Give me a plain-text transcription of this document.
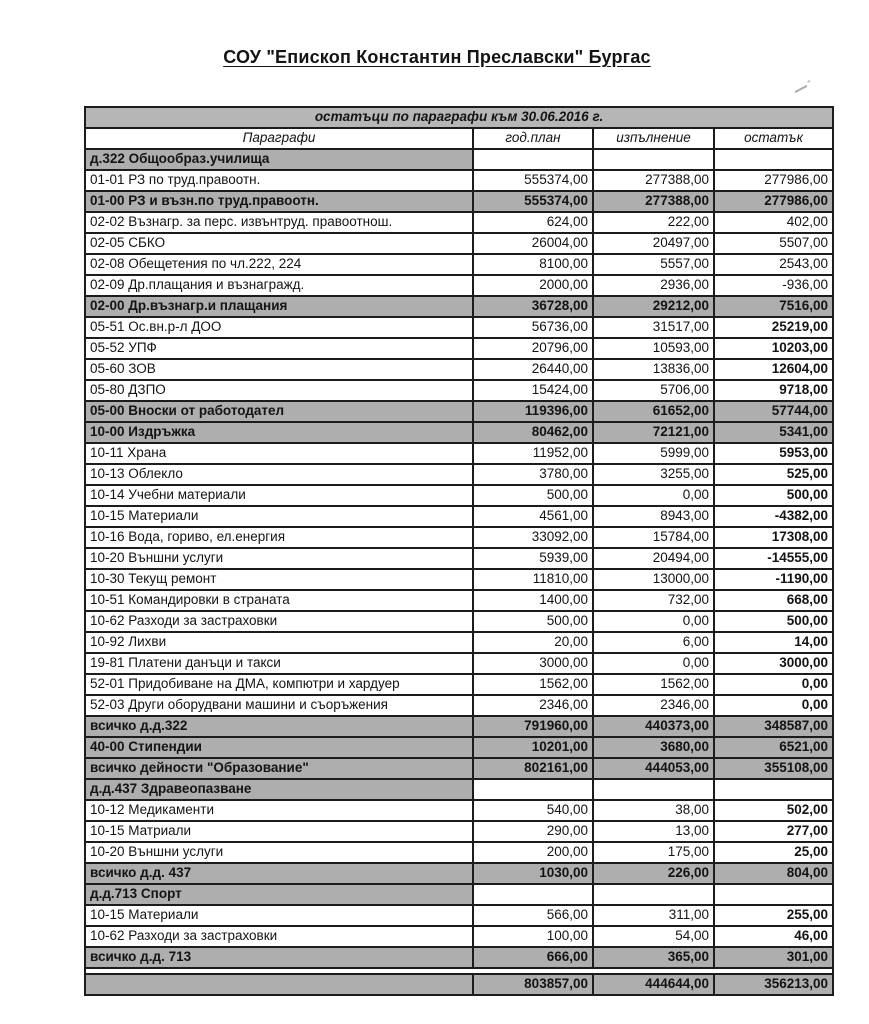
СОУ "Епископ Константин Преславски" Бургас
остатъци по параграфи към 30.06.2016 г.			
Параграфи	год.план	изпълнение	остатък
д.322 Общообраз.училища			
01-01 РЗ по труд.правоотн.	555374,00	277388,00	277986,00
01-00 РЗ и възн.по труд.правоотн.	555374,00	277388,00	277986,00
02-02 Възнагр. за перс. извънтруд. правоотнош.	624,00	222,00	402,00
02-05 СБКО	26004,00	20497,00	5507,00
02-08 Обещетения по чл.222, 224	8100,00	5557,00	2543,00
02-09 Др.плащания и възнагражд.	2000,00	2936,00	-936,00
02-00 Др.възнагр.и плащания	36728,00	29212,00	7516,00
05-51 Ос.вн.р-л ДОО	56736,00	31517,00	25219,00
05-52 УПФ	20796,00	10593,00	10203,00
05-60 ЗОВ	26440,00	13836,00	12604,00
05-80 ДЗПО	15424,00	5706,00	9718,00
05-00 Вноски от работодател	119396,00	61652,00	57744,00
10-00 Издръжка	80462,00	72121,00	5341,00
10-11 Храна	11952,00	5999,00	5953,00
10-13 Облекло	3780,00	3255,00	525,00
10-14 Учебни материали	500,00	0,00	500,00
10-15 Материали	4561,00	8943,00	-4382,00
10-16 Вода, гориво, ел.енергия	33092,00	15784,00	17308,00
10-20 Външни услуги	5939,00	20494,00	-14555,00
10-30 Текущ ремонт	11810,00	13000,00	-1190,00
10-51 Командировки в страната	1400,00	732,00	668,00
10-62 Разходи за застраховки	500,00	0,00	500,00
10-92 Лихви	20,00	6,00	14,00
19-81 Платени данъци и такси	3000,00	0,00	3000,00
52-01 Придобиване на ДМА, компютри и хардуер	1562,00	1562,00	0,00
52-03 Други оборудвани машини и съоръжения	2346,00	2346,00	0,00
всичко д.д.322	791960,00	440373,00	348587,00
40-00 Стипендии	10201,00	3680,00	6521,00
всичко дейности "Образование"	802161,00	444053,00	355108,00
д.д.437 Здравеопазване			
10-12 Медикаменти	540,00	38,00	502,00
10-15 Матриали	290,00	13,00	277,00
10-20 Външни услуги	200,00	175,00	25,00
всичко д.д. 437	1030,00	226,00	804,00
д.д.713 Спорт			
10-15 Материали	566,00	311,00	255,00
10-62 Разходи за застраховки	100,00	54,00	46,00
всичко д.д. 713	666,00	365,00	301,00

	803857,00	444644,00	356213,00
